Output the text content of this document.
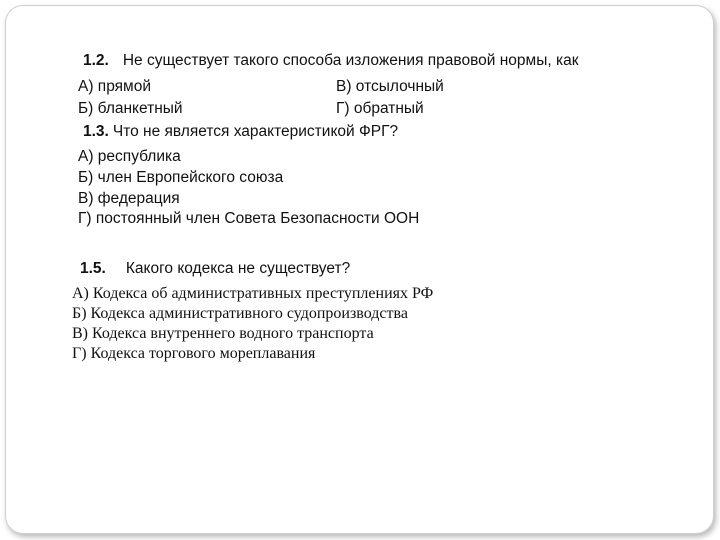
1.2. Не существует такого способа изложения правовой нормы, как
А) прямой	В) отсылочный
Б) бланкетный	Г) обратный
1.3. Что не является характеристикой ФРГ?
А) республика
Б) член Европейского союза
В) федерация
Г) постоянный член Совета Безопасности ООН
1.5. Какого кодекса не существует?
А) Кодекса об административных преступлениях РФ
Б) Кодекса административного судопроизводства
В) Кодекса внутреннего водного транспорта
Г) Кодекса торгового мореплавания
